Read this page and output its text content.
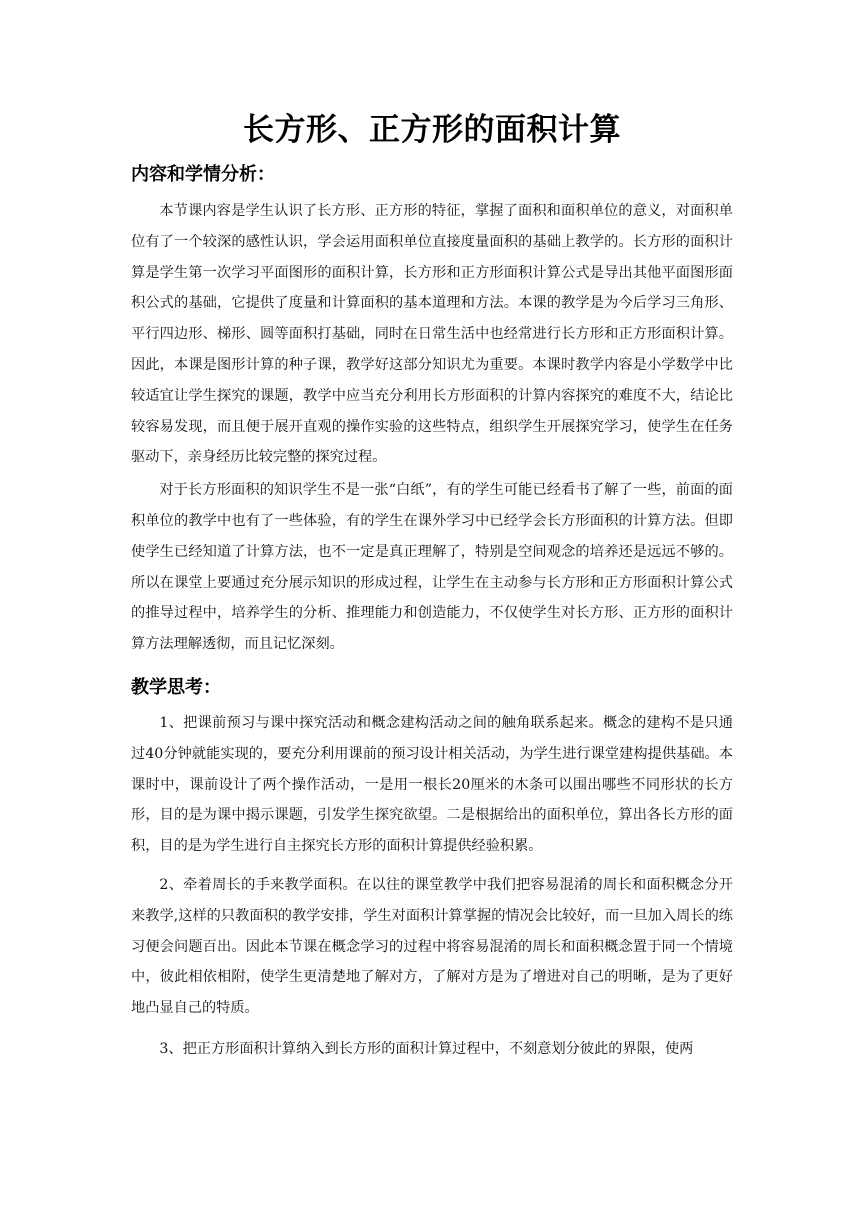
长方形、正方形的面积计算
内容和学情分析：

本节课内容是学生认识了长方形、正方形的特征，掌握了面积和面积单位的意义，对面积单位有了一个较深的感性认识，学会运用面积单位直接度量面积的基础上教学的。长方形的面积计算是学生第一次学习平面图形的面积计算，长方形和正方形面积计算公式是导出其他平面图形面积公式的基础，它提供了度量和计算面积的基本道理和方法。本课的教学是为今后学习三角形、平行四边形、梯形、圆等面积打基础，同时在日常生活中也经常进行长方形和正方形面积计算。因此，本课是图形计算的种子课，教学好这部分知识尤为重要。本课时教学内容是小学数学中比较适宜让学生探究的课题，教学中应当充分利用长方形面积的计算内容探究的难度不大，结论比较容易发现，而且便于展开直观的操作实验的这些特点，组织学生开展探究学习，使学生在任务驱动下，亲身经历比较完整的探究过程。

对于长方形面积的知识学生不是一张“白纸”，有的学生可能已经看书了解了一些，前面的面积单位的教学中也有了一些体验，有的学生在课外学习中已经学会长方形面积的计算方法。但即使学生已经知道了计算方法，也不一定是真正理解了，特别是空间观念的培养还是远远不够的。所以在课堂上要通过充分展示知识的形成过程，让学生在主动参与长方形和正方形面积计算公式的推导过程中，培养学生的分析、推理能力和创造能力，不仅使学生对长方形、正方形的面积计算方法理解透彻，而且记忆深刻。

教学思考：

1、把课前预习与课中探究活动和概念建构活动之间的触角联系起来。概念的建构不是只通过40分钟就能实现的，要充分利用课前的预习设计相关活动，为学生进行课堂建构提供基础。本课时中，课前设计了两个操作活动，一是用一根长20厘米的木条可以围出哪些不同形状的长方形，目的是为课中揭示课题，引发学生探究欲望。二是根据给出的面积单位，算出各长方形的面积，目的是为学生进行自主探究长方形的面积计算提供经验积累。

2、牵着周长的手来教学面积。在以往的课堂教学中我们把容易混淆的周长和面积概念分开来教学,这样的只教面积的教学安排，学生对面积计算掌握的情况会比较好，而一旦加入周长的练习便会问题百出。因此本节课在概念学习的过程中将容易混淆的周长和面积概念置于同一个情境中，彼此相依相附，使学生更清楚地了解对方，了解对方是为了增进对自己的明晰，是为了更好地凸显自己的特质。

3、把正方形面积计算纳入到长方形的面积计算过程中，不刻意划分彼此的界限，使两
